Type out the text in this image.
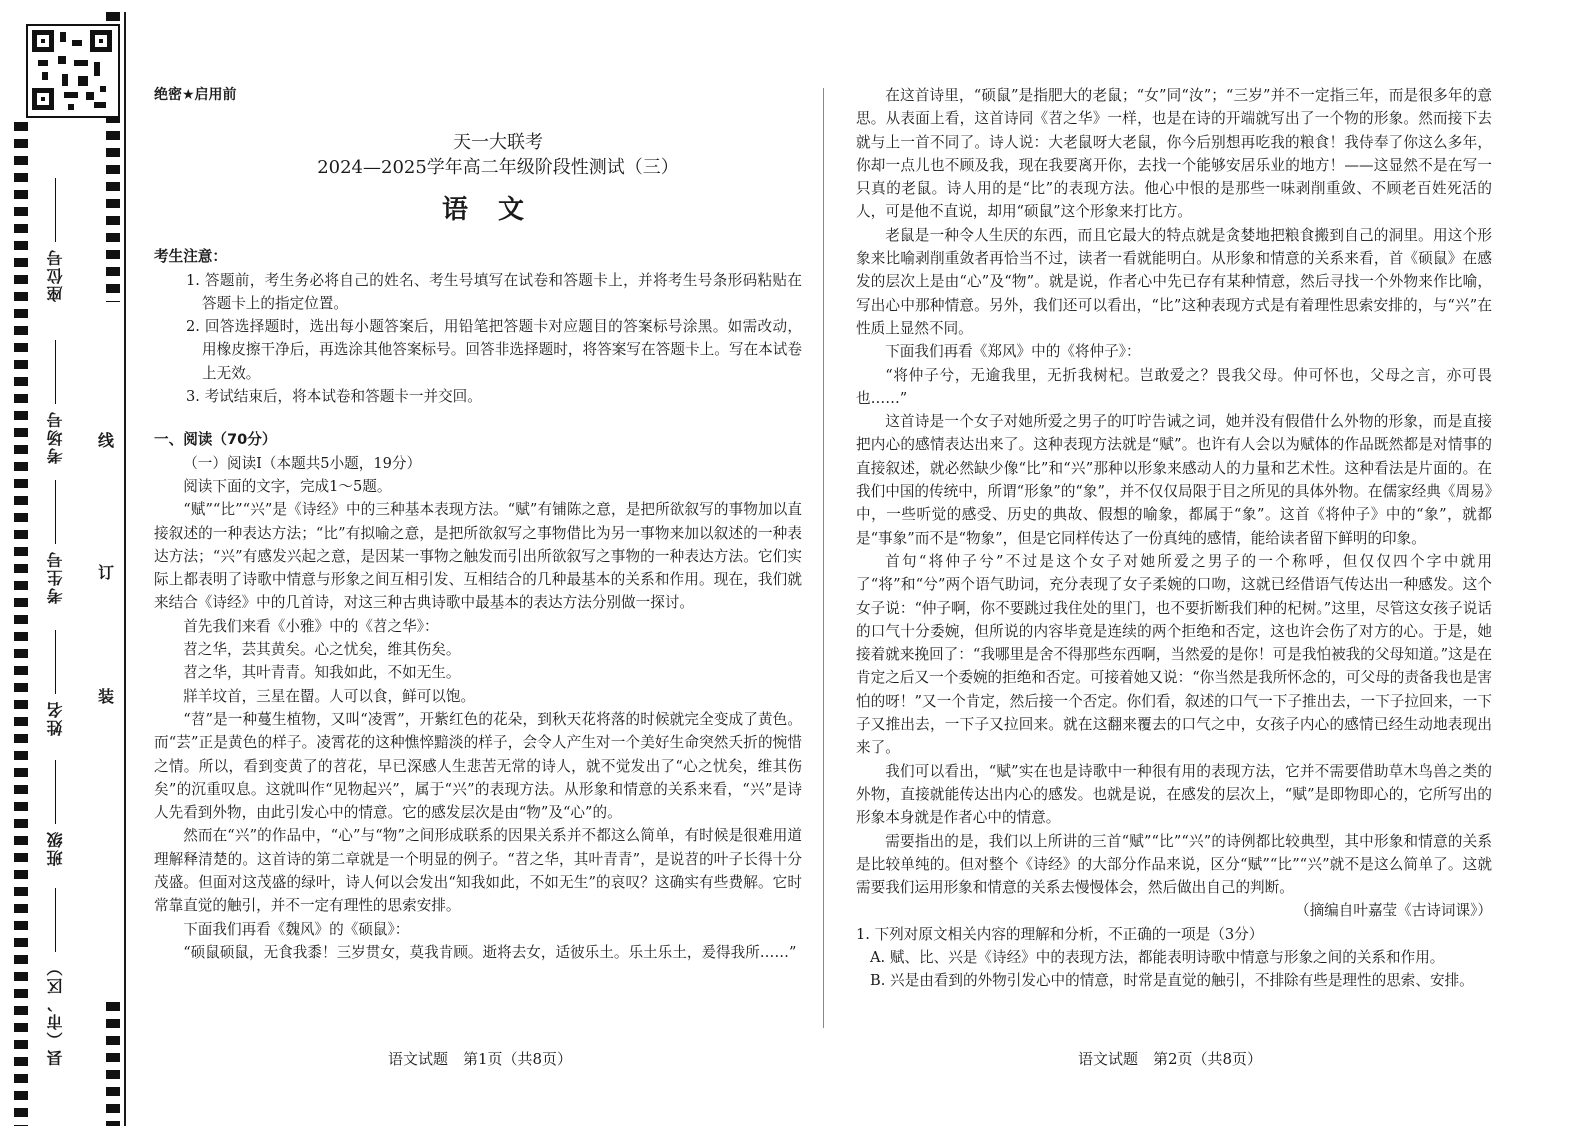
座位号
考场号
考生号
姓名
班级
县（市、区）
线
订
装
绝密★启用前
天一大联考
2024—2025学年高二年级阶段性测试（三）
语文
考生注意：

1. 答题前，考生务必将自己的姓名、考生号填写在试卷和答题卡上，并将考生号条形码粘贴在答题卡上的指定位置。

2. 回答选择题时，选出每小题答案后，用铅笔把答题卡对应题目的答案标号涂黑。如需改动，用橡皮擦干净后，再选涂其他答案标号。回答非选择题时，将答案写在答题卡上。写在本试卷上无效。

3. 考试结束后，将本试卷和答题卡一并交回。

一、阅读（70分）

（一）阅读Ⅰ（本题共5小题，19分）

阅读下面的文字，完成1～5题。

“赋”“比”“兴”是《诗经》中的三种基本表现方法。“赋”有铺陈之意，是把所欲叙写的事物加以直接叙述的一种表达方法；“比”有拟喻之意，是把所欲叙写之事物借比为另一事物来加以叙述的一种表达方法；“兴”有感发兴起之意，是因某一事物之触发而引出所欲叙写之事物的一种表达方法。它们实际上都表明了诗歌中情意与形象之间互相引发、互相结合的几种最基本的关系和作用。现在，我们就来结合《诗经》中的几首诗，对这三种古典诗歌中最基本的表达方法分别做一探讨。

首先我们来看《小雅》中的《苕之华》：

苕之华，芸其黄矣。心之忧矣，维其伤矣。
苕之华，其叶青青。知我如此，不如无生。
牂羊坟首，三星在罶。人可以食，鲜可以饱。

“苕”是一种蔓生植物，又叫“凌霄”，开紫红色的花朵，到秋天花将落的时候就完全变成了黄色。而“芸”正是黄色的样子。凌霄花的这种憔悴黯淡的样子，会令人产生对一个美好生命突然夭折的惋惜之情。所以，看到变黄了的苕花，早已深感人生悲苦无常的诗人，就不觉发出了“心之忧矣，维其伤矣”的沉重叹息。这就叫作“见物起兴”，属于“兴”的表现方法。从形象和情意的关系来看，“兴”是诗人先看到外物，由此引发心中的情意。它的感发层次是由“物”及“心”的。

然而在“兴”的作品中，“心”与“物”之间形成联系的因果关系并不都这么简单，有时候是很难用道理解释清楚的。这首诗的第二章就是一个明显的例子。“苕之华，其叶青青”，是说苕的叶子长得十分茂盛。但面对这茂盛的绿叶，诗人何以会发出“知我如此，不如无生”的哀叹？这确实有些费解。它时常靠直觉的触引，并不一定有理性的思索安排。

下面我们再看《魏风》的《硕鼠》：

“硕鼠硕鼠，无食我黍！三岁贯女，莫我肯顾。逝将去女，适彼乐土。乐土乐土，爰得我所……”

在这首诗里，“硕鼠”是指肥大的老鼠；“女”同“汝”；“三岁”并不一定指三年，而是很多年的意思。从表面上看，这首诗同《苕之华》一样，也是在诗的开端就写出了一个物的形象。然而接下去就与上一首不同了。诗人说：大老鼠呀大老鼠，你今后别想再吃我的粮食！我侍奉了你这么多年，你却一点儿也不顾及我，现在我要离开你，去找一个能够安居乐业的地方！——这显然不是在写一只真的老鼠。诗人用的是“比”的表现方法。他心中恨的是那些一味剥削重敛、不顾老百姓死活的人，可是他不直说，却用“硕鼠”这个形象来打比方。

老鼠是一种令人生厌的东西，而且它最大的特点就是贪婪地把粮食搬到自己的洞里。用这个形象来比喻剥削重敛者再恰当不过，读者一看就能明白。从形象和情意的关系来看，首《硕鼠》在感发的层次上是由“心”及“物”。就是说，作者心中先已存有某种情意，然后寻找一个外物来作比喻，写出心中那种情意。另外，我们还可以看出，“比”这种表现方式是有着理性思索安排的，与“兴”在性质上显然不同。

下面我们再看《郑风》中的《将仲子》：

“将仲子兮，无逾我里，无折我树杞。岂敢爱之？畏我父母。仲可怀也，父母之言，亦可畏也……”

这首诗是一个女子对她所爱之男子的叮咛告诫之词，她并没有假借什么外物的形象，而是直接把内心的感情表达出来了。这种表现方法就是“赋”。也许有人会以为赋体的作品既然都是对情事的直接叙述，就必然缺少像“比”和“兴”那种以形象来感动人的力量和艺术性。这种看法是片面的。在我们中国的传统中，所谓“形象”的“象”，并不仅仅局限于目之所见的具体外物。在儒家经典《周易》中，一些听觉的感受、历史的典故、假想的喻象，都属于“象”。这首《将仲子》中的“象”，就都是“事象”而不是“物象”，但是它同样传达了一份真纯的感情，能给读者留下鲜明的印象。

首句“将仲子兮”不过是这个女子对她所爱之男子的一个称呼，但仅仅四个字中就用了“将”和“兮”两个语气助词，充分表现了女子柔婉的口吻，这就已经借语气传达出一种感发。这个女子说：“仲子啊，你不要跳过我住处的里门，也不要折断我们种的杞树。”这里，尽管这女孩子说话的口气十分委婉，但所说的内容毕竟是连续的两个拒绝和否定，这也许会伤了对方的心。于是，她接着就来挽回了：“我哪里是舍不得那些东西啊，当然爱的是你！可是我怕被我的父母知道。”这是在肯定之后又一个委婉的拒绝和否定。可接着她又说：“你当然是我所怀念的，可父母的责备我也是害怕的呀！”又一个肯定，然后接一个否定。你们看，叙述的口气一下子推出去，一下子拉回来，一下子又推出去，一下子又拉回来。就在这翻来覆去的口气之中，女孩子内心的感情已经生动地表现出来了。

我们可以看出，“赋”实在也是诗歌中一种很有用的表现方法，它并不需要借助草木鸟兽之类的外物，直接就能传达出内心的感发。也就是说，在感发的层次上，“赋”是即物即心的，它所写出的形象本身就是作者心中的情意。

需要指出的是，我们以上所讲的三首“赋”“比”“兴”的诗例都比较典型，其中形象和情意的关系是比较单纯的。但对整个《诗经》的大部分作品来说，区分“赋”“比”“兴”就不是这么简单了。这就需要我们运用形象和情意的关系去慢慢体会，然后做出自己的判断。

（摘编自叶嘉莹《古诗词课》）
1. 下列对原文相关内容的理解和分析，不正确的一项是（3分）
A. 赋、比、兴是《诗经》中的表现方法，都能表明诗歌中情意与形象之间的关系和作用。
B. 兴是由看到的外物引发心中的情意，时常是直觉的触引，不排除有些是理性的思索、安排。
语文试题　第1页（共8页）	语文试题　第2页（共8页）
